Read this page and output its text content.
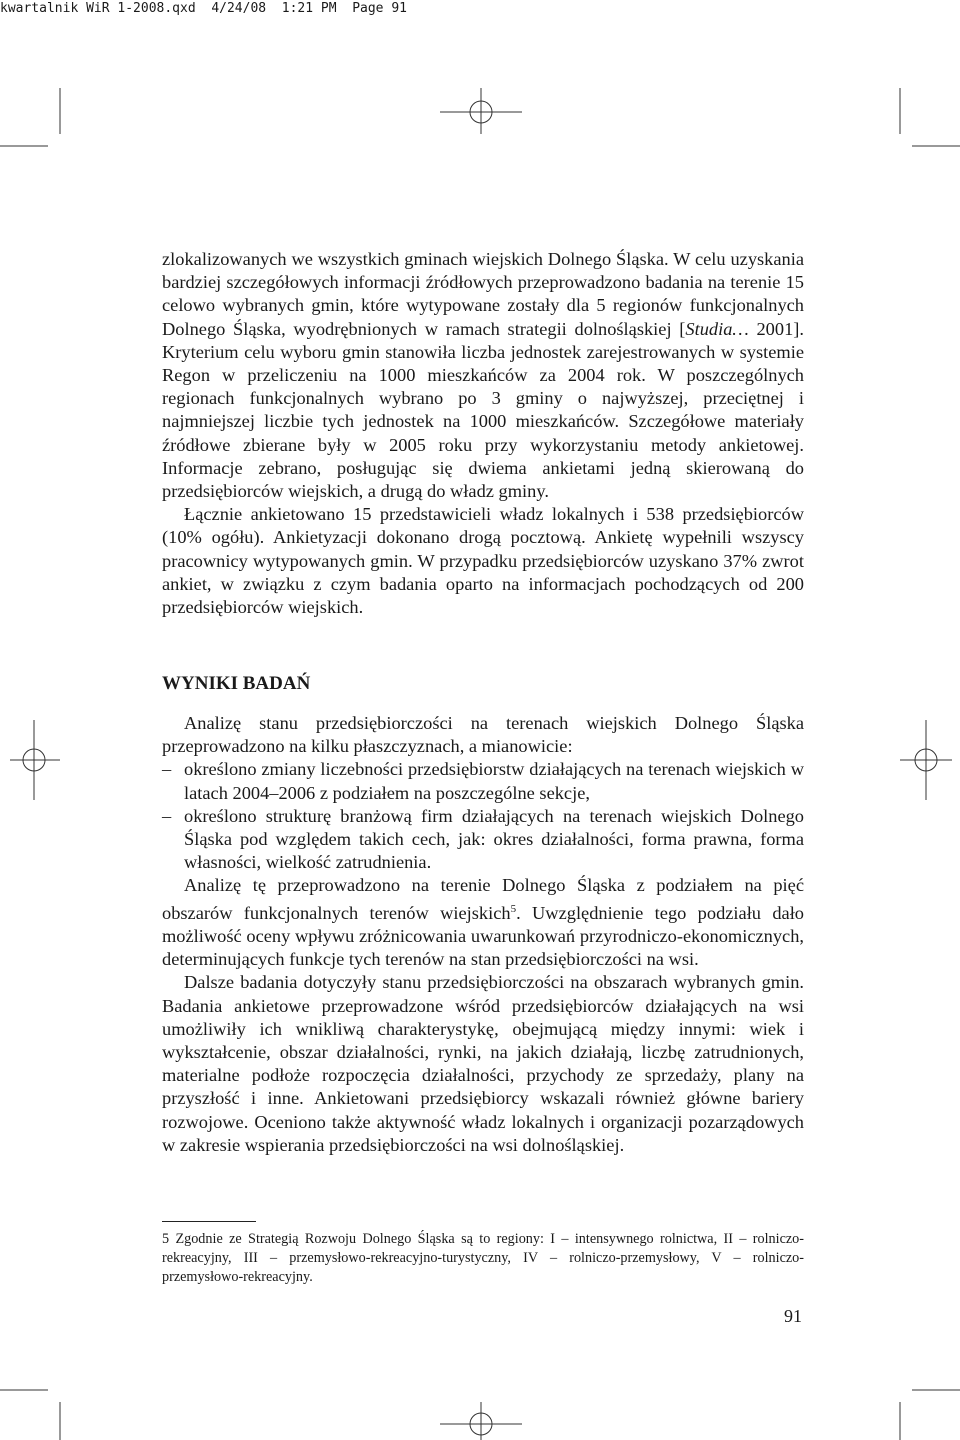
kwartalnik WiR 1-2008.qxd  4/24/08  1:21 PM  Page 91

zlokalizowanych we wszystkich gminach wiejskich Dolnego Śląska. W celu uzyskania bardziej szczegółowych informacji źródłowych przeprowadzono badania na terenie 15 celowo wybranych gmin, które wytypowane zostały dla 5 regionów funkcjonalnych Dolnego Śląska, wyodrębnionych w ramach strategii dolnośląskiej [Studia… 2001]. Kryterium celu wyboru gmin stanowiła liczba jednostek zarejestrowanych w systemie Regon w przeliczeniu na 1000 mieszkańców za 2004 rok. W poszczególnych regionach funkcjonalnych wybrano po 3 gminy o najwyższej, przeciętnej i najmniejszej liczbie tych jednostek na 1000 mieszkańców. Szczegółowe materiały źródłowe zbierane były w 2005 roku przy wykorzystaniu metody ankietowej. Informacje zebrano, posługując się dwiema ankietami jedną skierowaną do przedsiębiorców wiejskich, a drugą do władz gminy.

Łącznie ankietowano 15 przedstawicieli władz lokalnych i 538 przedsiębiorców (10% ogółu). Ankietyzacji dokonano drogą pocztową. Ankietę wypełnili wszyscy pracownicy wytypowanych gmin. W przypadku przedsiębiorców uzyskano 37% zwrot ankiet, w związku z czym badania oparto na informacjach pochodzących od 200 przedsiębiorców wiejskich.

WYNIKI BADAŃ

Analizę stanu przedsiębiorczości na terenach wiejskich Dolnego Śląska przeprowadzono na kilku płaszczyznach, a mianowicie:

– określono zmiany liczebności przedsiębiorstw działających na terenach wiejskich w latach 2004–2006 z podziałem na poszczególne sekcje,
– określono strukturę branżową firm działających na terenach wiejskich Dolnego Śląska pod względem takich cech, jak: okres działalności, forma prawna, forma własności, wielkość zatrudnienia.

Analizę tę przeprowadzono na terenie Dolnego Śląska z podziałem na pięć obszarów funkcjonalnych terenów wiejskich$^5$. Uwzględnienie tego podziału dało możliwość oceny wpływu zróżnicowania uwarunkowań przyrodniczo-ekonomicznych, determinujących funkcje tych terenów na stan przedsiębiorczości na wsi.

Dalsze badania dotyczyły stanu przedsiębiorczości na obszarach wybranych gmin. Badania ankietowe przeprowadzone wśród przedsiębiorców działających na wsi umożliwiły ich wnikliwą charakterystykę, obejmującą między innymi: wiek i wykształcenie, obszar działalności, rynki, na jakich działają, liczbę zatrudnionych, materialne podłoże rozpoczęcia działalności, przychody ze sprzedaży, plany na przyszłość i inne. Ankietowani przedsiębiorcy wskazali również główne bariery rozwojowe. Oceniono także aktywność władz lokalnych i organizacji pozarządowych w zakresie wspierania przedsiębiorczości na wsi dolnośląskiej.

5 Zgodnie ze Strategią Rozwoju Dolnego Śląska są to regiony: I – intensywnego rolnictwa, II – rolniczo-rekreacyjny, III – przemysłowo-rekreacyjno-turystyczny, IV – rolniczo-przemysłowy, V – rolniczo-przemysłowo-rekreacyjny.
91
